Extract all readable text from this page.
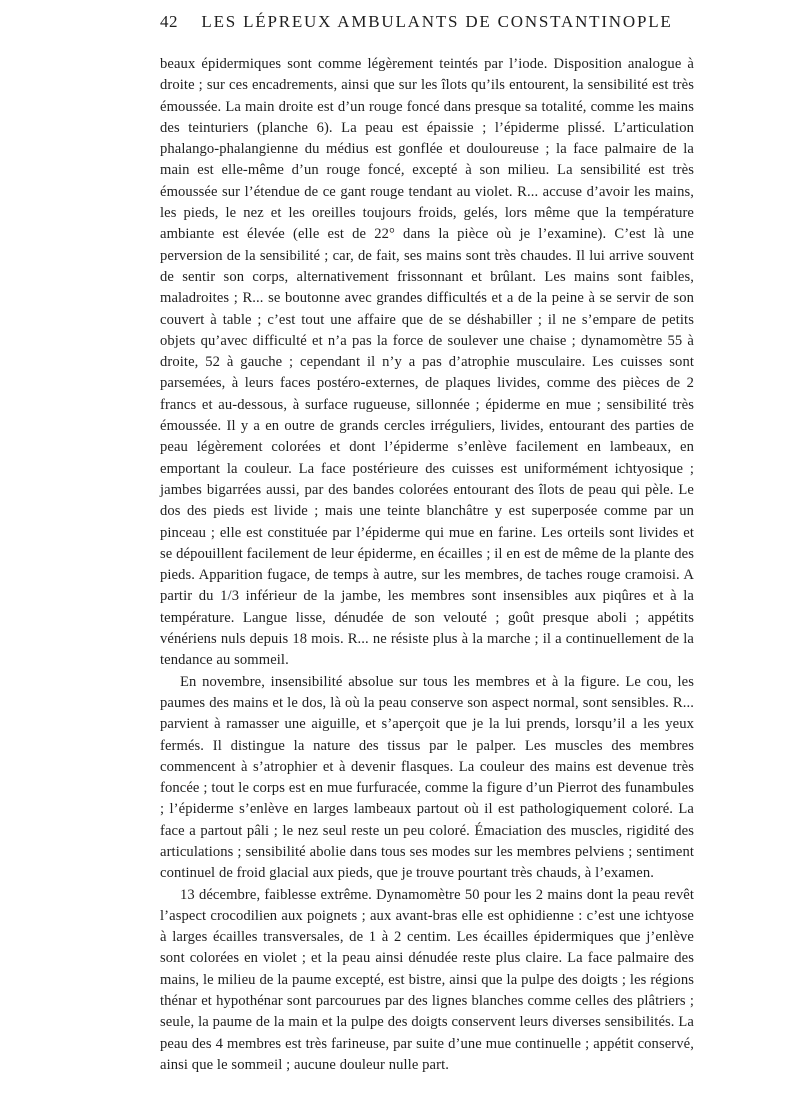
42	LES LÉPREUX AMBULANTS DE CONSTANTINOPLE

beaux épidermiques sont comme légèrement teintés par l’iode. Disposition analogue à droite ; sur ces encadrements, ainsi que sur les îlots qu’ils entourent, la sensibilité est très émoussée. La main droite est d’un rouge foncé dans presque sa totalité, comme les mains des teinturiers (planche 6). La peau est épaissie ; l’épiderme plissé. L’articulation phalango-phalangienne du médius est gonflée et douloureuse ; la face palmaire de la main est elle-même d’un rouge foncé, excepté à son milieu. La sensibilité est très émoussée sur l’étendue de ce gant rouge tendant au violet. R... accuse d’avoir les mains, les pieds, le nez et les oreilles toujours froids, gelés, lors même que la température ambiante est élevée (elle est de 22° dans la pièce où je l’examine). C’est là une perversion de la sensibilité ; car, de fait, ses mains sont très chaudes. Il lui arrive souvent de sentir son corps, alternativement frissonnant et brûlant. Les mains sont faibles, maladroites ; R... se boutonne avec grandes difficultés et a de la peine à se servir de son couvert à table ; c’est tout une affaire que de se déshabiller ; il ne s’empare de petits objets qu’avec difficulté et n’a pas la force de soulever une chaise ; dynamomètre 55 à droite, 52 à gauche ; cependant il n’y a pas d’atrophie musculaire. Les cuisses sont parsemées, à leurs faces postéro-externes, de plaques livides, comme des pièces de 2 francs et au-dessous, à surface rugueuse, sillonnée ; épiderme en mue ; sensibilité très émoussée. Il y a en outre de grands cercles irréguliers, livides, entourant des parties de peau légèrement colorées et dont l’épiderme s’enlève facilement en lambeaux, en emportant la couleur. La face postérieure des cuisses est uniformément ichtyosique ; jambes bigarrées aussi, par des bandes colorées entourant des îlots de peau qui pèle. Le dos des pieds est livide ; mais une teinte blanchâtre y est superposée comme par un pinceau ; elle est constituée par l’épiderme qui mue en farine. Les orteils sont livides et se dépouillent facilement de leur épiderme, en écailles ; il en est de même de la plante des pieds. Apparition fugace, de temps à autre, sur les membres, de taches rouge cramoisi. A partir du 1/3 inférieur de la jambe, les membres sont insensibles aux piqûres et à la température. Langue lisse, dénudée de son velouté ; goût presque aboli ; appétits vénériens nuls depuis 18 mois. R... ne résiste plus à la marche ; il a continuellement de la tendance au sommeil.

En novembre, insensibilité absolue sur tous les membres et à la figure. Le cou, les paumes des mains et le dos, là où la peau conserve son aspect normal, sont sensibles. R... parvient à ramasser une aiguille, et s’aperçoit que je la lui prends, lorsqu’il a les yeux fermés. Il distingue la nature des tissus par le palper. Les muscles des membres commencent à s’atrophier et à devenir flasques. La couleur des mains est devenue très foncée ; tout le corps est en mue furfuracée, comme la figure d’un Pierrot des funambules ; l’épiderme s’enlève en larges lambeaux partout où il est pathologiquement coloré. La face a partout pâli ; le nez seul reste un peu coloré. Émaciation des muscles, rigidité des articulations ; sensibilité abolie dans tous ses modes sur les membres pelviens ; sentiment continuel de froid glacial aux pieds, que je trouve pourtant très chauds, à l’examen.

13 décembre, faiblesse extrême. Dynamomètre 50 pour les 2 mains dont la peau revêt l’aspect crocodilien aux poignets ; aux avant-bras elle est ophidienne : c’est une ichtyose à larges écailles transversales, de 1 à 2 centim. Les écailles épidermiques que j’enlève sont colorées en violet ; et la peau ainsi dénudée reste plus claire. La face palmaire des mains, le milieu de la paume excepté, est bistre, ainsi que la pulpe des doigts ; les régions thénar et hypothénar sont parcourues par des lignes blanches comme celles des plâtriers ; seule, la paume de la main et la pulpe des doigts conservent leurs diverses sensibilités. La peau des 4 membres est très farineuse, par suite d’une mue continuelle ; appétit conservé, ainsi que le sommeil ; aucune douleur nulle part.
